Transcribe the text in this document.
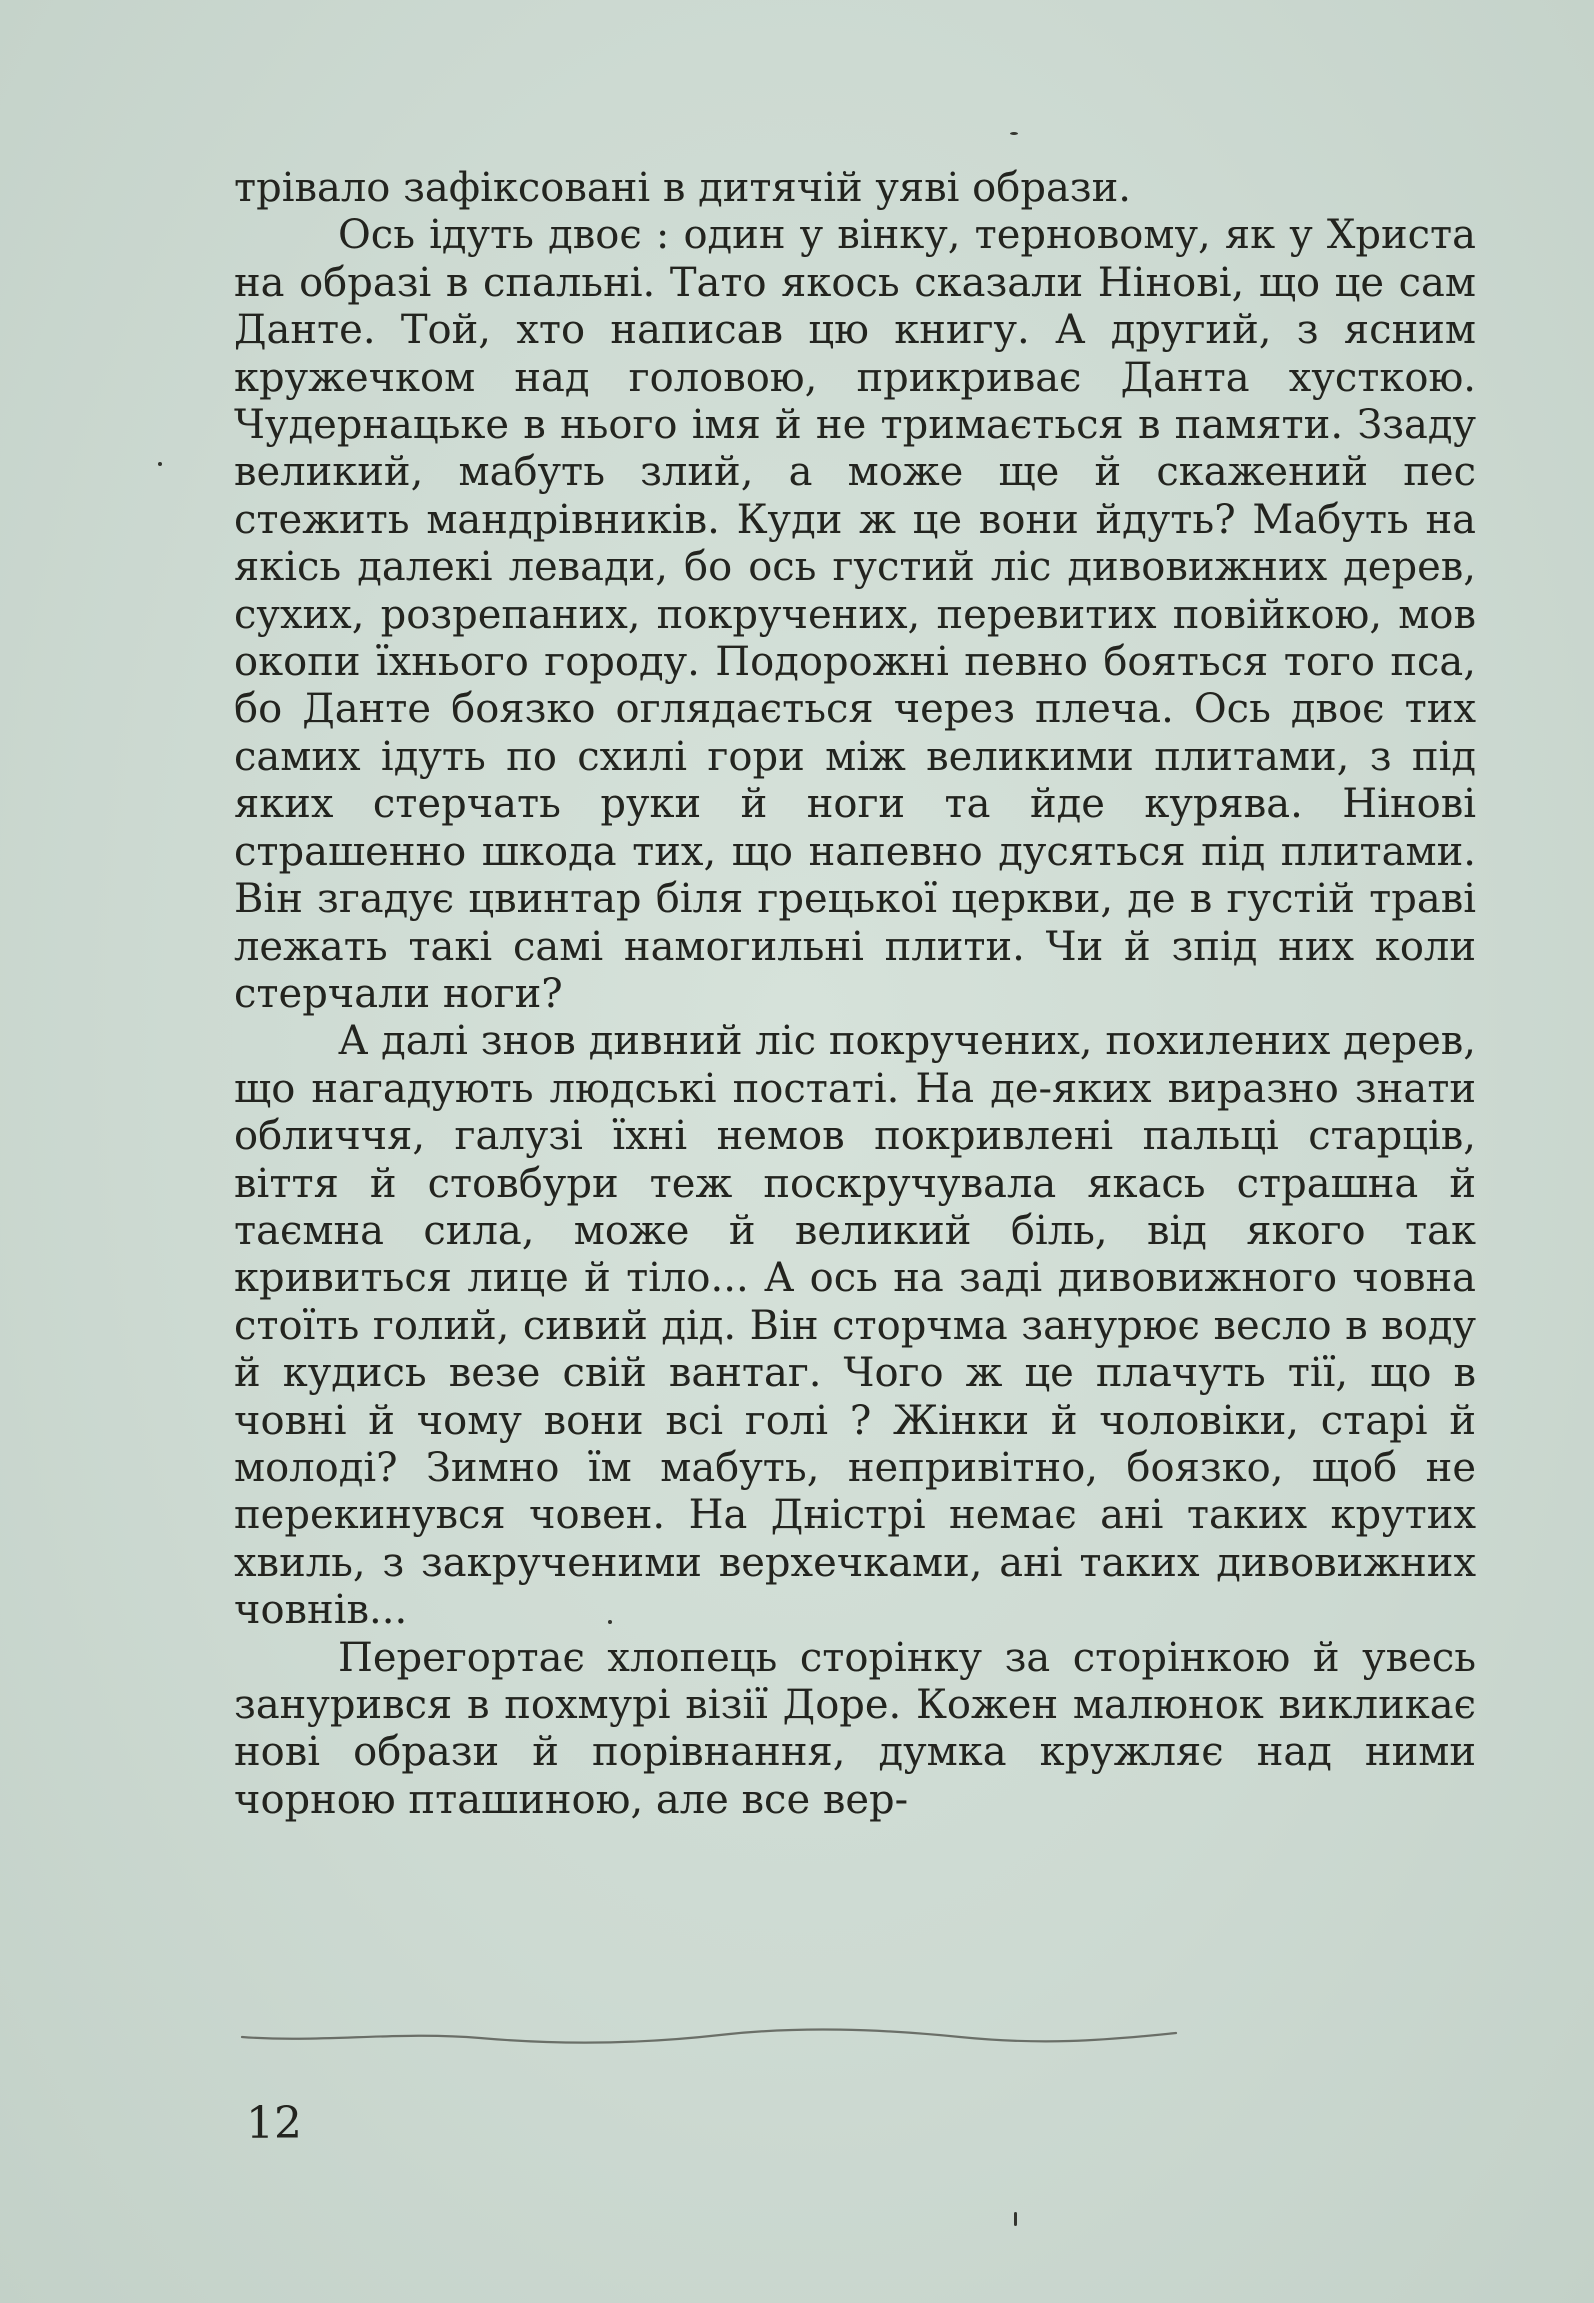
трівало зафіксовані в дитячій уяві образи.

Ось ідуть двоє : один у вінку, терновому, як у Христа на образі в спальні. Тато якось сказали Нінові, що це сам Данте. Той, хто написав цю книгу. А другий, з ясним кружечком над головою, прикриває Данта хусткою. Чудернацьке в нього імя й не тримається в памяти. Ззаду великий, мабуть злий, а може ще й скажений пес стежить мандрівників. Куди ж це вони йдуть? Мабуть на якісь далекі левади, бо ось густий ліс дивовижних дерев, сухих, розрепаних, покручених, перевитих повійкою, мов окопи їхнього городу. Подорожні певно бояться того пса, бо Данте боязко оглядається через плеча. Ось двоє тих самих ідуть по схилі гори між великими плитами, з під яких стерчать руки й ноги та йде курява. Нінові страшенно шкода тих, що напевно дусяться під плитами. Він згадує цвинтар біля грецької церкви, де в густій траві лежать такі самі намогильні плити. Чи й зпід них коли стерчали ноги?

А далі знов дивний ліс покручених, похилених дерев, що нагадують людські постаті. На де-яких виразно знати обличчя, галузі їхні немов покривлені пальці старців, віття й стовбури теж поскручувала якась страшна й таємна сила, може й великий біль, від якого так кривиться лице й тіло... А ось на заді дивовижного човна стоїть голий, сивий дід. Він сторчма занурює весло в воду й кудись везе свій вантаг. Чого ж це плачуть тії, що в човні й чому вони всі голі ? Жінки й чоловіки, старі й молоді? Зимно їм мабуть, непривітно, боязко, щоб не перекинувся човен. На Дністрі немає ані таких крутих хвиль, з закрученими верхечками, ані таких дивовижних човнів...

Перегортає хлопець сторінку за сторінкою й увесь занурився в похмурі візії Доре. Кожен малюнок викликає нові образи й порівнання, думка кружляє над ними чорною пташиною, але все вер-

12
